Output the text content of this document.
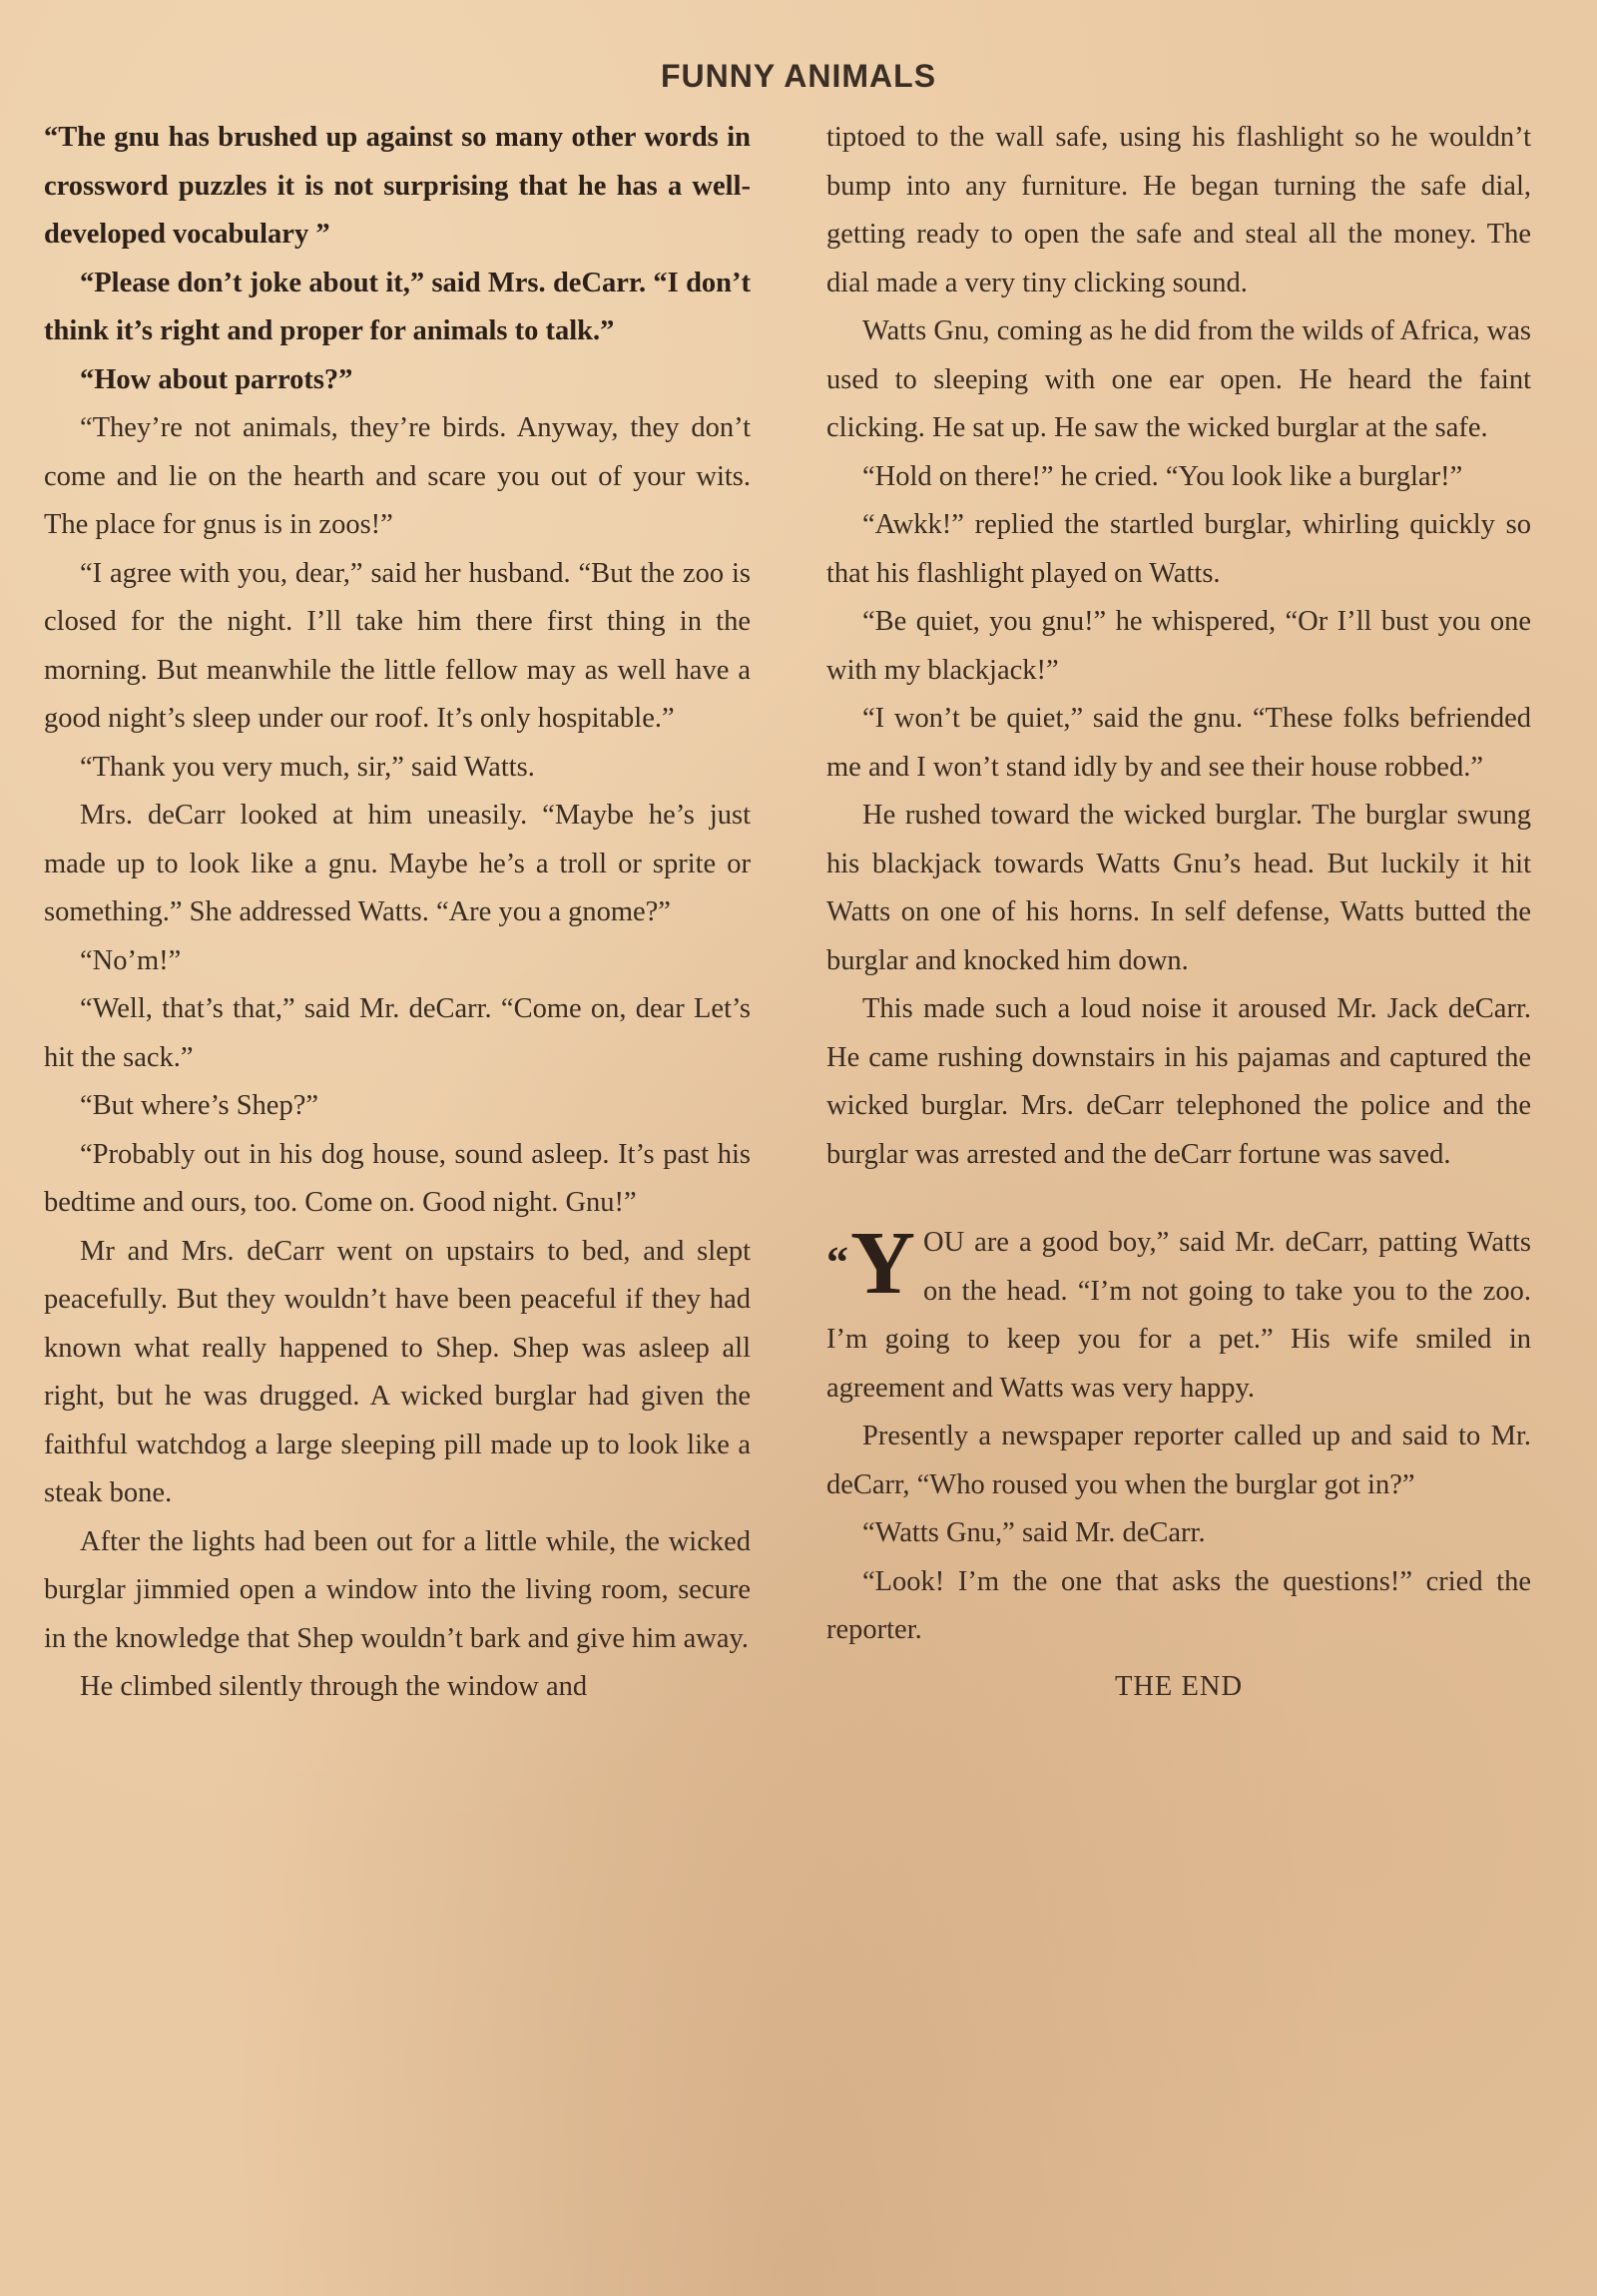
FUNNY ANIMALS

“The gnu has brushed up against so many other words in crossword puzzles it is not surprising that he has a well-developed vocabulary ”

“Please don’t joke about it,” said Mrs. deCarr. “I don’t think it’s right and proper for animals to talk.”

“How about parrots?”

“They’re not animals, they’re birds. Anyway, they don’t come and lie on the hearth and scare you out of your wits. The place for gnus is in zoos!”

“I agree with you, dear,” said her husband. “But the zoo is closed for the night. I’ll take him there first thing in the morning. But meanwhile the little fellow may as well have a good night’s sleep under our roof. It’s only hospitable.”

“Thank you very much, sir,” said Watts.

Mrs. deCarr looked at him uneasily. “Maybe he’s just made up to look like a gnu. Maybe he’s a troll or sprite or something.” She addressed Watts. “Are you a gnome?”

“No’m!”

“Well, that’s that,” said Mr. deCarr. “Come on, dear Let’s hit the sack.”

“But where’s Shep?”

“Probably out in his dog house, sound asleep. It’s past his bedtime and ours, too. Come on. Good night. Gnu!”

Mr and Mrs. deCarr went on upstairs to bed, and slept peacefully. But they wouldn’t have been peaceful if they had known what really happened to Shep. Shep was asleep all right, but he was drugged. A wicked burglar had given the faithful watchdog a large sleeping pill made up to look like a steak bone.

After the lights had been out for a little while, the wicked burglar jimmied open a window into the living room, secure in the knowledge that Shep wouldn’t bark and give him away.

He climbed silently through the window and

tiptoed to the wall safe, using his flashlight so he wouldn’t bump into any furniture. He began turning the safe dial, getting ready to open the safe and steal all the money. The dial made a very tiny clicking sound.

Watts Gnu, coming as he did from the wilds of Africa, was used to sleeping with one ear open. He heard the faint clicking. He sat up. He saw the wicked burglar at the safe.

“Hold on there!” he cried. “You look like a burglar!”

“Awkk!” replied the startled burglar, whirling quickly so that his flashlight played on Watts.

“Be quiet, you gnu!” he whispered, “Or I’ll bust you one with my blackjack!”

“I won’t be quiet,” said the gnu. “These folks befriended me and I won’t stand idly by and see their house robbed.”

He rushed toward the wicked burglar. The burglar swung his blackjack towards Watts Gnu’s head. But luckily it hit Watts on one of his horns. In self defense, Watts butted the burglar and knocked him down.

This made such a loud noise it aroused Mr. Jack deCarr. He came rushing downstairs in his pajamas and captured the wicked burglar. Mrs. deCarr telephoned the police and the burglar was arrested and the deCarr fortune was saved.

“ Y OU are a good boy,” said Mr. deCarr, patting Watts on the head. “I’m not going to take you to the zoo. I’m going to keep you for a pet.” His wife smiled in agreement and Watts was very happy.

Presently a newspaper reporter called up and said to Mr. deCarr, “Who roused you when the burglar got in?”

“Watts Gnu,” said Mr. deCarr.

“Look! I’m the one that asks the questions!” cried the reporter.

THE END
